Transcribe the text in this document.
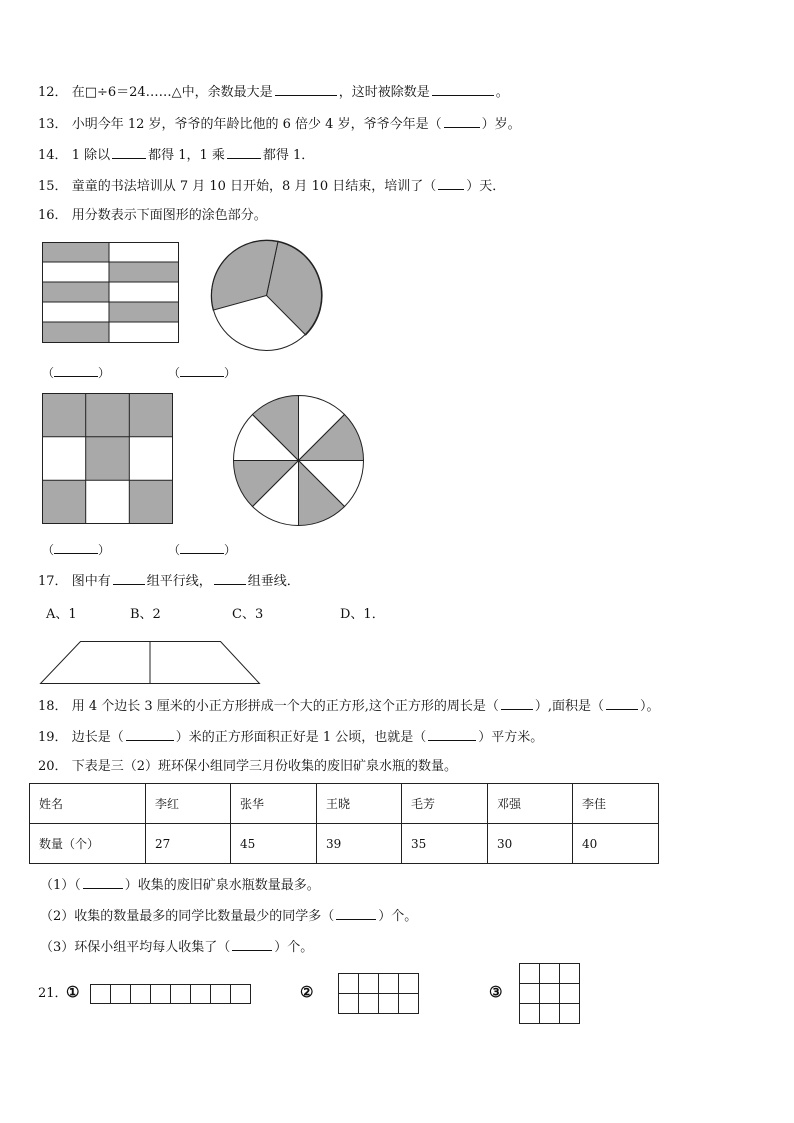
12． 在□÷6＝24……△中，余数最大是	，这时被除数是	。
13． 小明今年 12 岁，爷爷的年龄比他的 6 倍少 4 岁，爷爷今年是（	）岁。
14． 1 除以	都得 1，1 乘	都得 1．
15． 童童的书法培训从 7 月 10 日开始，8 月 10 日结束，培训了（ ）天．
16． 用分数表示下面图形的涂色部分。
（	）	（	）
（	）	（	）
17． 图中有	组平行线，	组垂线．
A、1	B、2	C、3	D、1．
18． 用 4 个边长 3 厘米的小正方形拼成一个大的正方形,这个正方形的周长是（	）,面积是（	）。
19． 边长是（	）米的正方形面积正好是 1 公顷，也就是（	）平方米。
20． 下表是三（2）班环保小组同学三月份收集的废旧矿泉水瓶的数量。
姓名	李红	张华	王晓	毛芳	邓强	李佳
数量（个）	27	45	39	35	30	40
（1）（	）收集的废旧矿泉水瓶数量最多。
（2）收集的数量最多的同学比数量最少的同学多（	）个。
（3）环保小组平均每人收集了（	）个。
21．
①	②	③
